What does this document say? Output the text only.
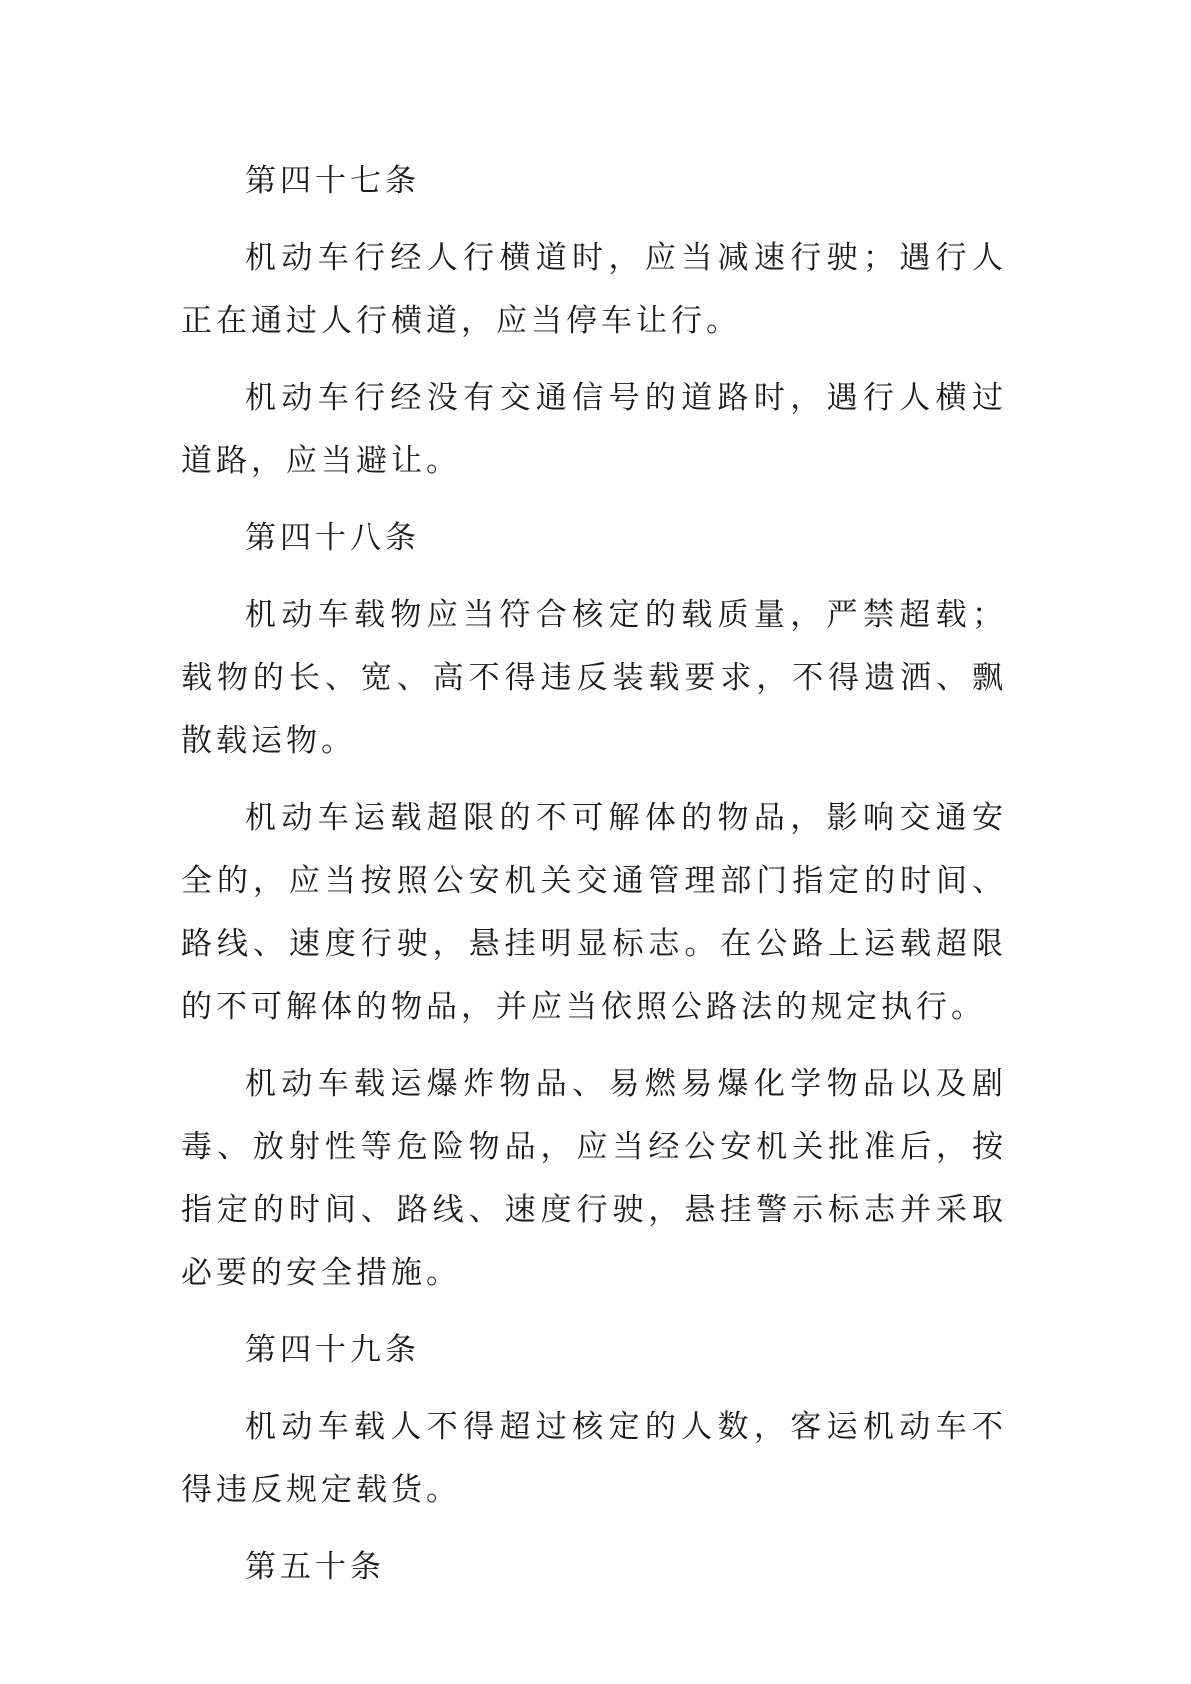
第四十七条

机动车行经人行横道时，应当减速行驶；遇行人正在通过人行横道，应当停车让行。

机动车行经没有交通信号的道路时，遇行人横过道路，应当避让。

第四十八条

机动车载物应当符合核定的载质量，严禁超载；载物的长、宽、高不得违反装载要求，不得遗洒、飘散载运物。

机动车运载超限的不可解体的物品，影响交通安全的，应当按照公安机关交通管理部门指定的时间、路线、速度行驶，悬挂明显标志。在公路上运载超限的不可解体的物品，并应当依照公路法的规定执行。

机动车载运爆炸物品、易燃易爆化学物品以及剧毒、放射性等危险物品，应当经公安机关批准后，按指定的时间、路线、速度行驶，悬挂警示标志并采取必要的安全措施。

第四十九条

机动车载人不得超过核定的人数，客运机动车不得违反规定载货。

第五十条
